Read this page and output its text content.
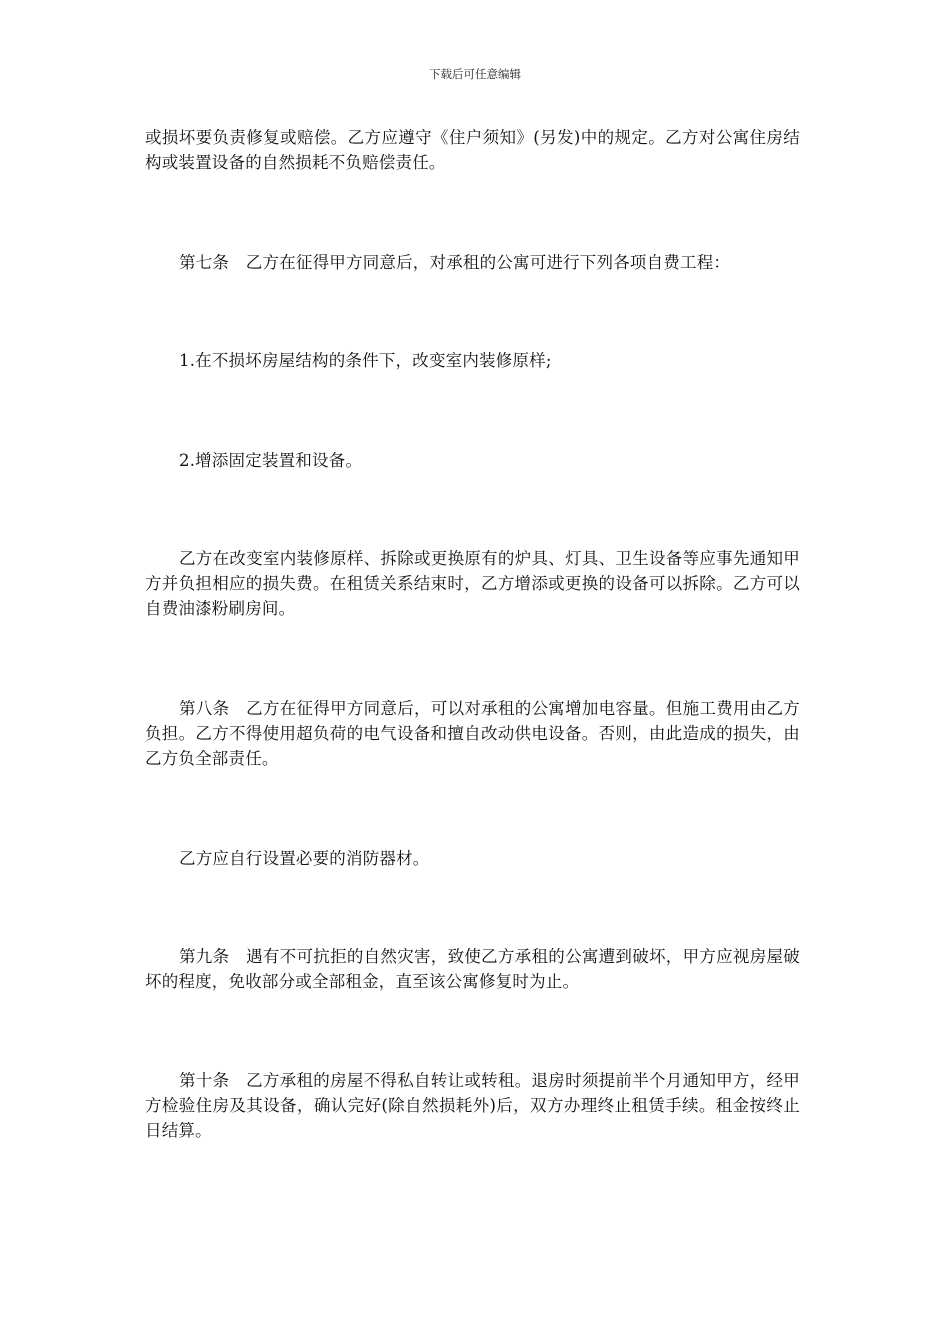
下载后可任意编辑

或损坏要负责修复或赔偿。乙方应遵守《住户须知》(另发)中的规定。乙方对公寓住房结构或装置设备的自然损耗不负赔偿责任。

第七条　乙方在征得甲方同意后，对承租的公寓可进行下列各项自费工程：

1.在不损坏房屋结构的条件下，改变室内装修原样;

2.增添固定装置和设备。

乙方在改变室内装修原样、拆除或更换原有的炉具、灯具、卫生设备等应事先通知甲方并负担相应的损失费。在租赁关系结束时，乙方增添或更换的设备可以拆除。乙方可以自费油漆粉刷房间。

第八条　乙方在征得甲方同意后，可以对承租的公寓增加电容量。但施工费用由乙方负担。乙方不得使用超负荷的电气设备和擅自改动供电设备。否则，由此造成的损失，由乙方负全部责任。

乙方应自行设置必要的消防器材。

第九条　遇有不可抗拒的自然灾害，致使乙方承租的公寓遭到破坏，甲方应视房屋破坏的程度，免收部分或全部租金，直至该公寓修复时为止。

第十条　乙方承租的房屋不得私自转让或转租。退房时须提前半个月通知甲方，经甲方检验住房及其设备，确认完好(除自然损耗外)后，双方办理终止租赁手续。租金按终止日结算。
